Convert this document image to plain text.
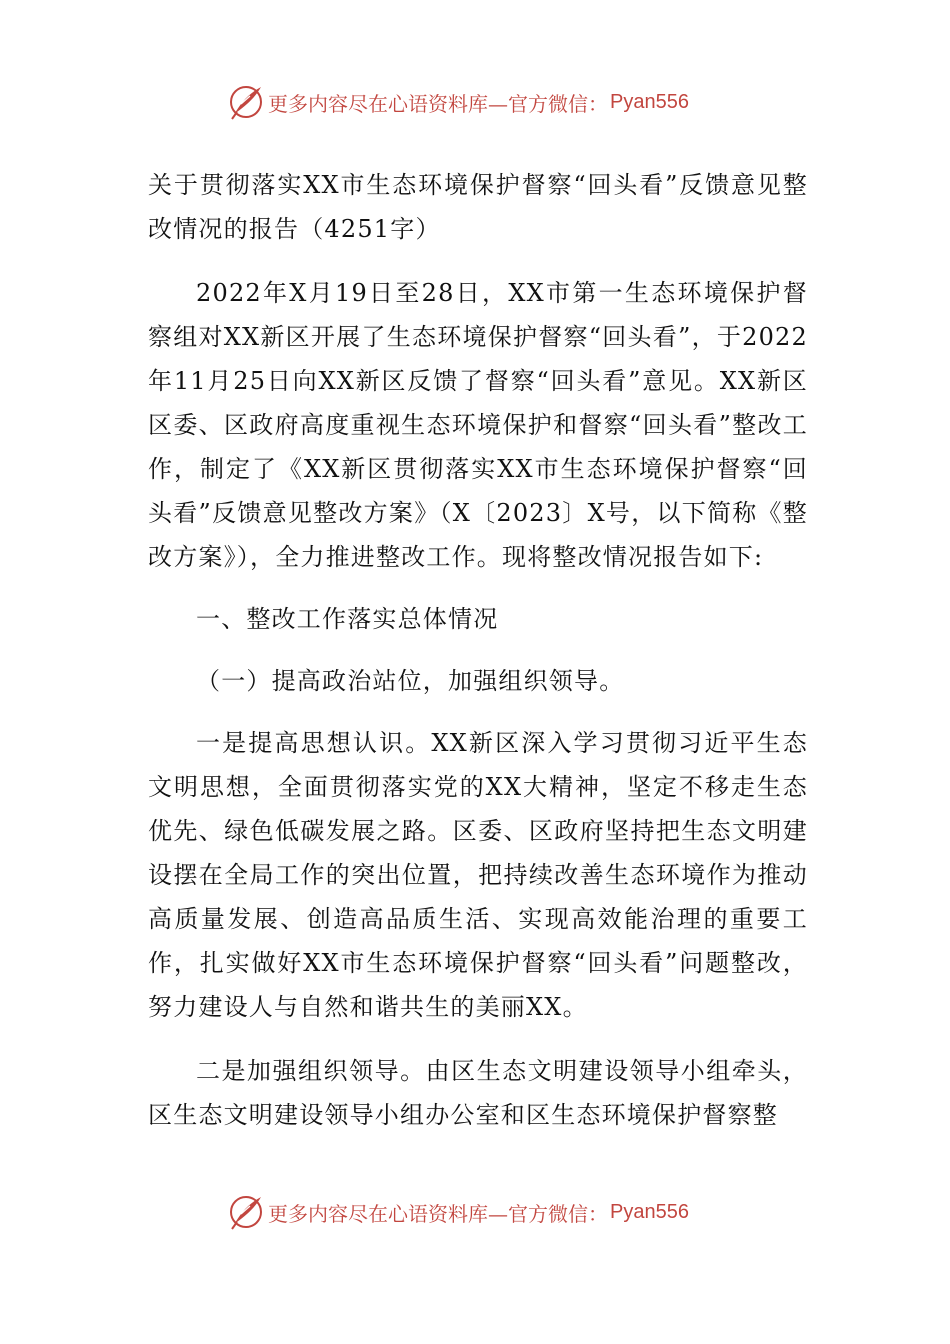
更多内容尽在心语资料库—官方微信： Pyan556

关于贯彻落实XX市生态环境保护督察“回头看”反馈意见整改情况的报告（4251字）

2022年X月19日至28日，XX市第一生态环境保护督察组对XX新区开展了生态环境保护督察“回头看”，于2022年11月25日向XX新区反馈了督察“回头看”意见。XX新区区委、区政府高度重视生态环境保护和督察“回头看”整改工作，制定了《XX新区贯彻落实XX市生态环境保护督察“回头看”反馈意见整改方案》（X〔2023〕X号，以下简称《整改方案》），全力推进整改工作。现将整改情况报告如下:

一、整改工作落实总体情况

（一）提高政治站位，加强组织领导。

一是提高思想认识。XX新区深入学习贯彻习近平生态文明思想，全面贯彻落实党的XX大精神，坚定不移走生态优先、绿色低碳发展之路。区委、区政府坚持把生态文明建设摆在全局工作的突出位置，把持续改善生态环境作为推动高质量发展、创造高品质生活、实现高效能治理的重要工作，扎实做好XX市生态环境保护督察“回头看”问题整改，努力建设人与自然和谐共生的美丽XX。

二是加强组织领导。由区生态文明建设领导小组牵头，区生态文明建设领导小组办公室和区生态环境保护督察整

更多内容尽在心语资料库—官方微信： Pyan556
